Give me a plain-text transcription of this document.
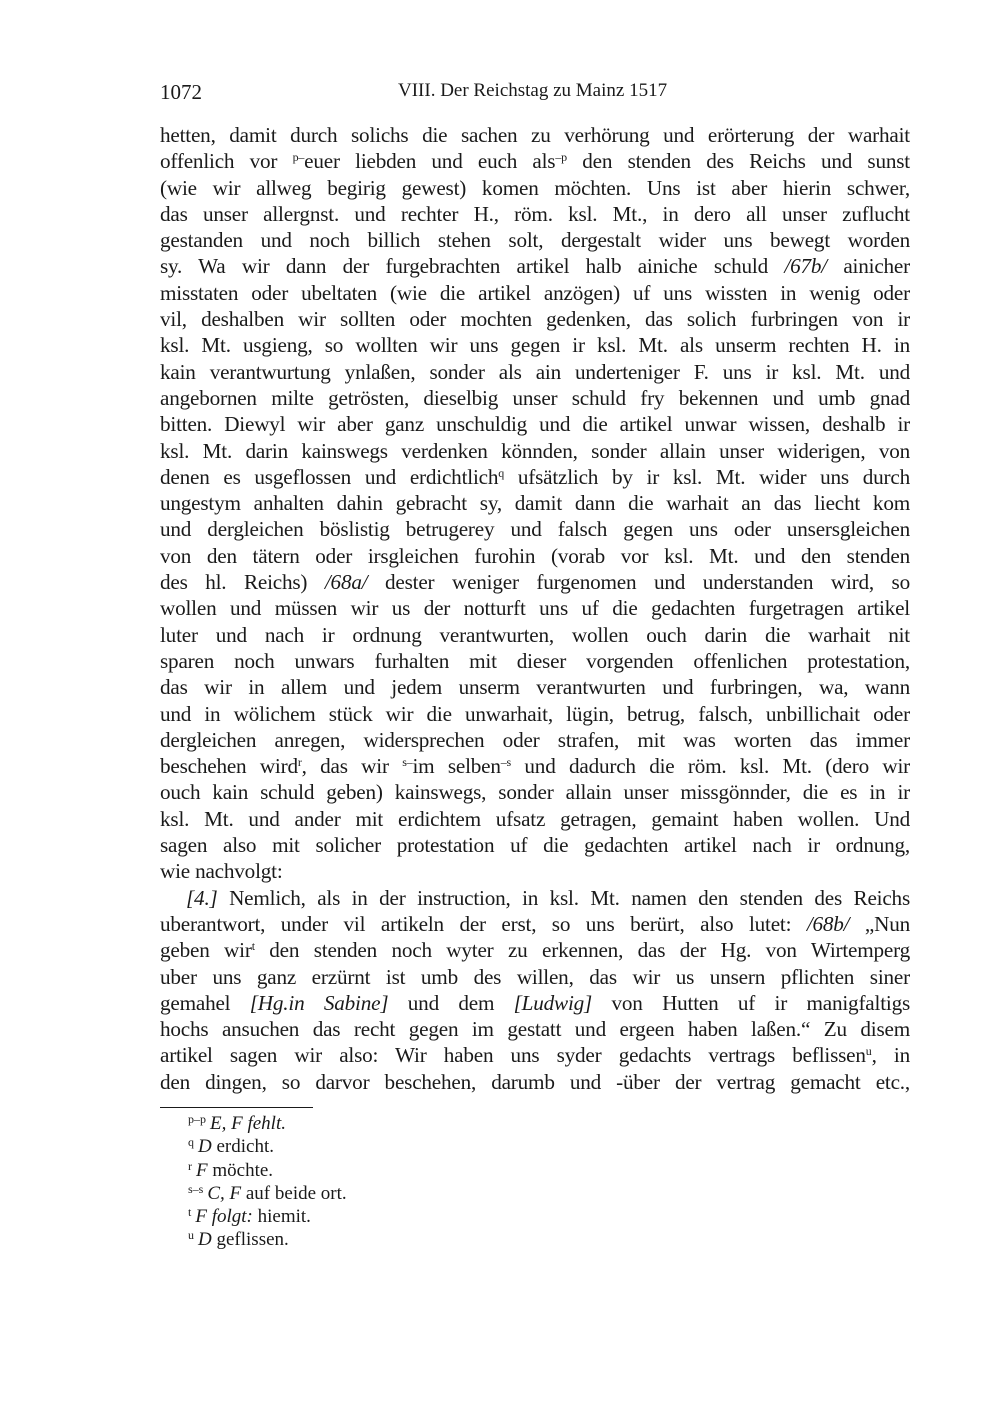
1072	VIII. Der Reichstag zu Mainz 1517
hetten, damit durch solichs die sachen zu verhörung und erörterung der warhait
offenlich vor $^{p-}$euer liebden und euch als$^{-p}$ den stenden des Reichs und sunst
(wie wir allweg begirig gewest) komen möchten. Uns ist aber hierin schwer,
das unser allergnst. und rechter H., röm. ksl. Mt., in dero all unser zuflucht
gestanden und noch billich stehen solt, dergestalt wider uns bewegt worden
sy. Wa wir dann der furgebrachten artikel halb ainiche schuld /67b/ ainicher
misstaten oder ubeltaten (wie die artikel anzögen) uf uns wissten in wenig oder
vil, deshalben wir sollten oder mochten gedenken, das solich furbringen von ir
ksl. Mt. usgieng, so wollten wir uns gegen ir ksl. Mt. als unserm rechten H. in
kain verantwurtung ynlaßen, sonder als ain underteniger F. uns ir ksl. Mt. und
angebornen milte getrösten, dieselbig unser schuld fry bekennen und umb gnad
bitten. Diewyl wir aber ganz unschuldig und die artikel unwar wissen, deshalb ir
ksl. Mt. darin kainswegs verdenken könnden, sonder allain unser widerigen, von
denen es usgeflossen und erdichtlich$^q$ ufsätzlich by ir ksl. Mt. wider uns durch
ungestym anhalten dahin gebracht sy, damit dann die warhait an das liecht kom
und dergleichen böslistig betrugerey und falsch gegen uns oder unsersgleichen
von den tätern oder irsgleichen furohin (vorab vor ksl. Mt. und den stenden
des hl. Reichs) /68a/ dester weniger furgenomen und understanden wird, so
wollen und müssen wir us der notturft uns uf die gedachten furgetragen artikel
luter und nach ir ordnung verantwurten, wollen ouch darin die warhait nit
sparen noch unwars furhalten mit dieser vorgenden offenlichen protestation,
das wir in allem und jedem unserm verantwurten und furbringen, wa, wann
und in wölichem stück wir die unwarhait, lügin, betrug, falsch, unbillichait oder
dergleichen anregen, widersprechen oder strafen, mit was worten das immer
beschehen wird$^r$, das wir $^{s-}$im selben$^{-s}$ und dadurch die röm. ksl. Mt. (dero wir
ouch kain schuld geben) kainswegs, sonder allain unser missgönnder, die es in ir
ksl. Mt. und ander mit erdichtem ufsatz getragen, gemaint haben wollen. Und
sagen also mit solicher protestation uf die gedachten artikel nach ir ordnung,
wie nachvolgt:
[4.] Nemlich, als in der instruction, in ksl. Mt. namen den stenden des Reichs
uberantwort, under vil artikeln der erst, so uns berürt, also lutet: /68b/ „Nun
geben wir$^t$ den stenden noch wyter zu erkennen, das der Hg. von Wirtemperg
uber uns ganz erzürnt ist umb des willen, das wir us unsern pflichten siner
gemahel [Hg.in Sabine] und dem [Ludwig] von Hutten uf ir manigfaltigs
hochs ansuchen das recht gegen im gestatt und ergeen haben laßen.“ Zu disem
artikel sagen wir also: Wir haben uns syder gedachts vertrags beflissen$^u$, in
den dingen, so darvor beschehen, darumb und -über der vertrag gemacht etc.,
$^{p-p}$ E, F fehlt.
$^q$ D erdicht.
$^r$ F möchte.
$^{s-s}$ C, F auf beide ort.
$^t$ F folgt: hiemit.
$^u$ D geflissen.
